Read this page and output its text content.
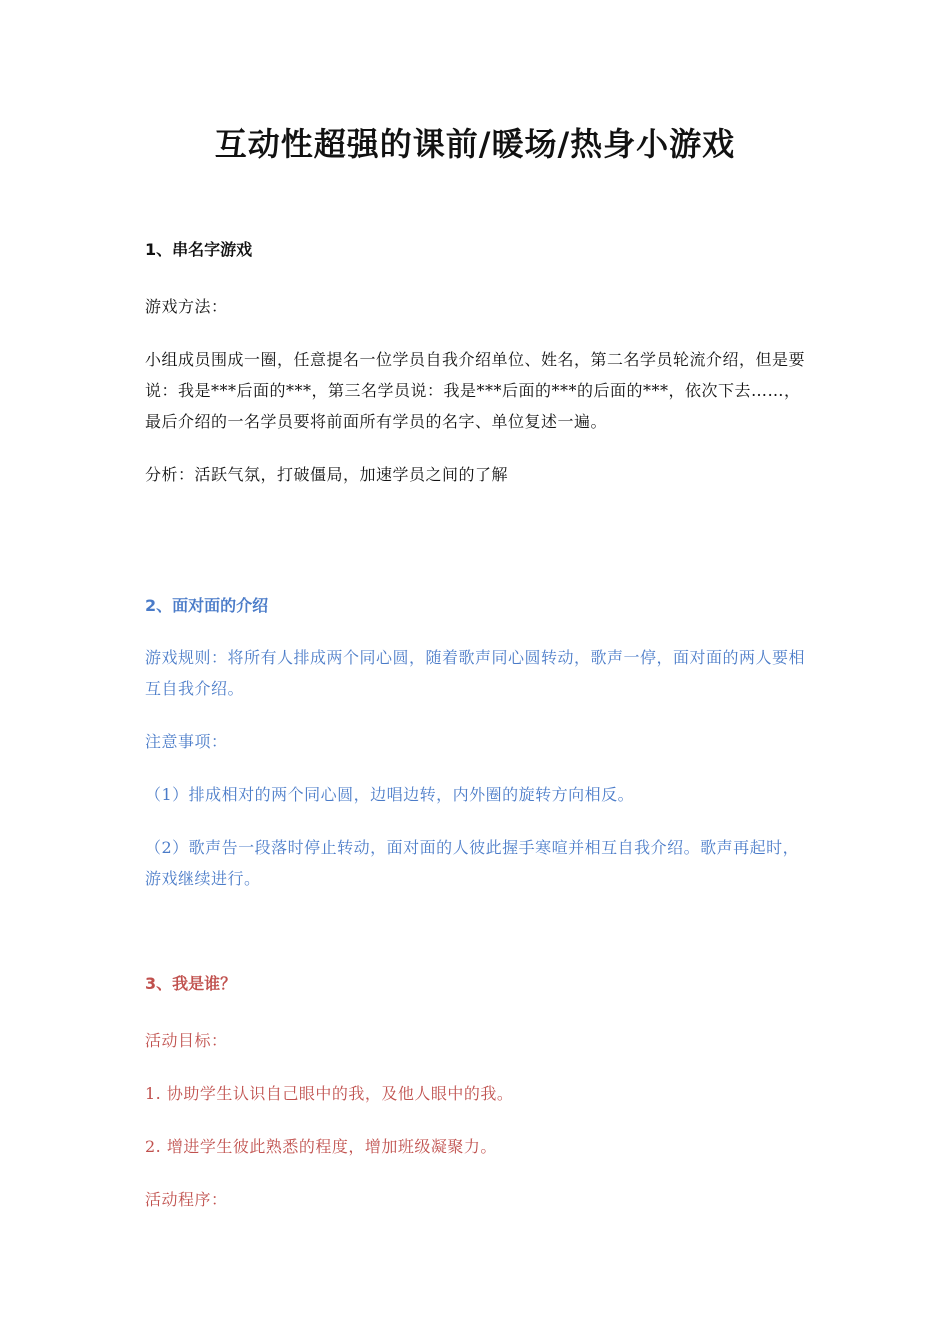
互动性超强的课前/暖场/热身小游戏

1、串名字游戏

游戏方法：

小组成员围成一圈，任意提名一位学员自我介绍单位、姓名，第二名学员轮流介绍，但是要说：我是***后面的***，第三名学员说：我是***后面的***的后面的***，依次下去……，最后介绍的一名学员要将前面所有学员的名字、单位复述一遍。

分析：活跃气氛，打破僵局，加速学员之间的了解

2、面对面的介绍

游戏规则：将所有人排成两个同心圆，随着歌声同心圆转动，歌声一停，面对面的两人要相互自我介绍。

注意事项：

（1）排成相对的两个同心圆，边唱边转，内外圈的旋转方向相反。

（2）歌声告一段落时停止转动，面对面的人彼此握手寒喧并相互自我介绍。歌声再起时，游戏继续进行。

3、我是谁？

活动目标：

1. 协助学生认识自己眼中的我，及他人眼中的我。

2. 增进学生彼此熟悉的程度，增加班级凝聚力。

活动程序：
